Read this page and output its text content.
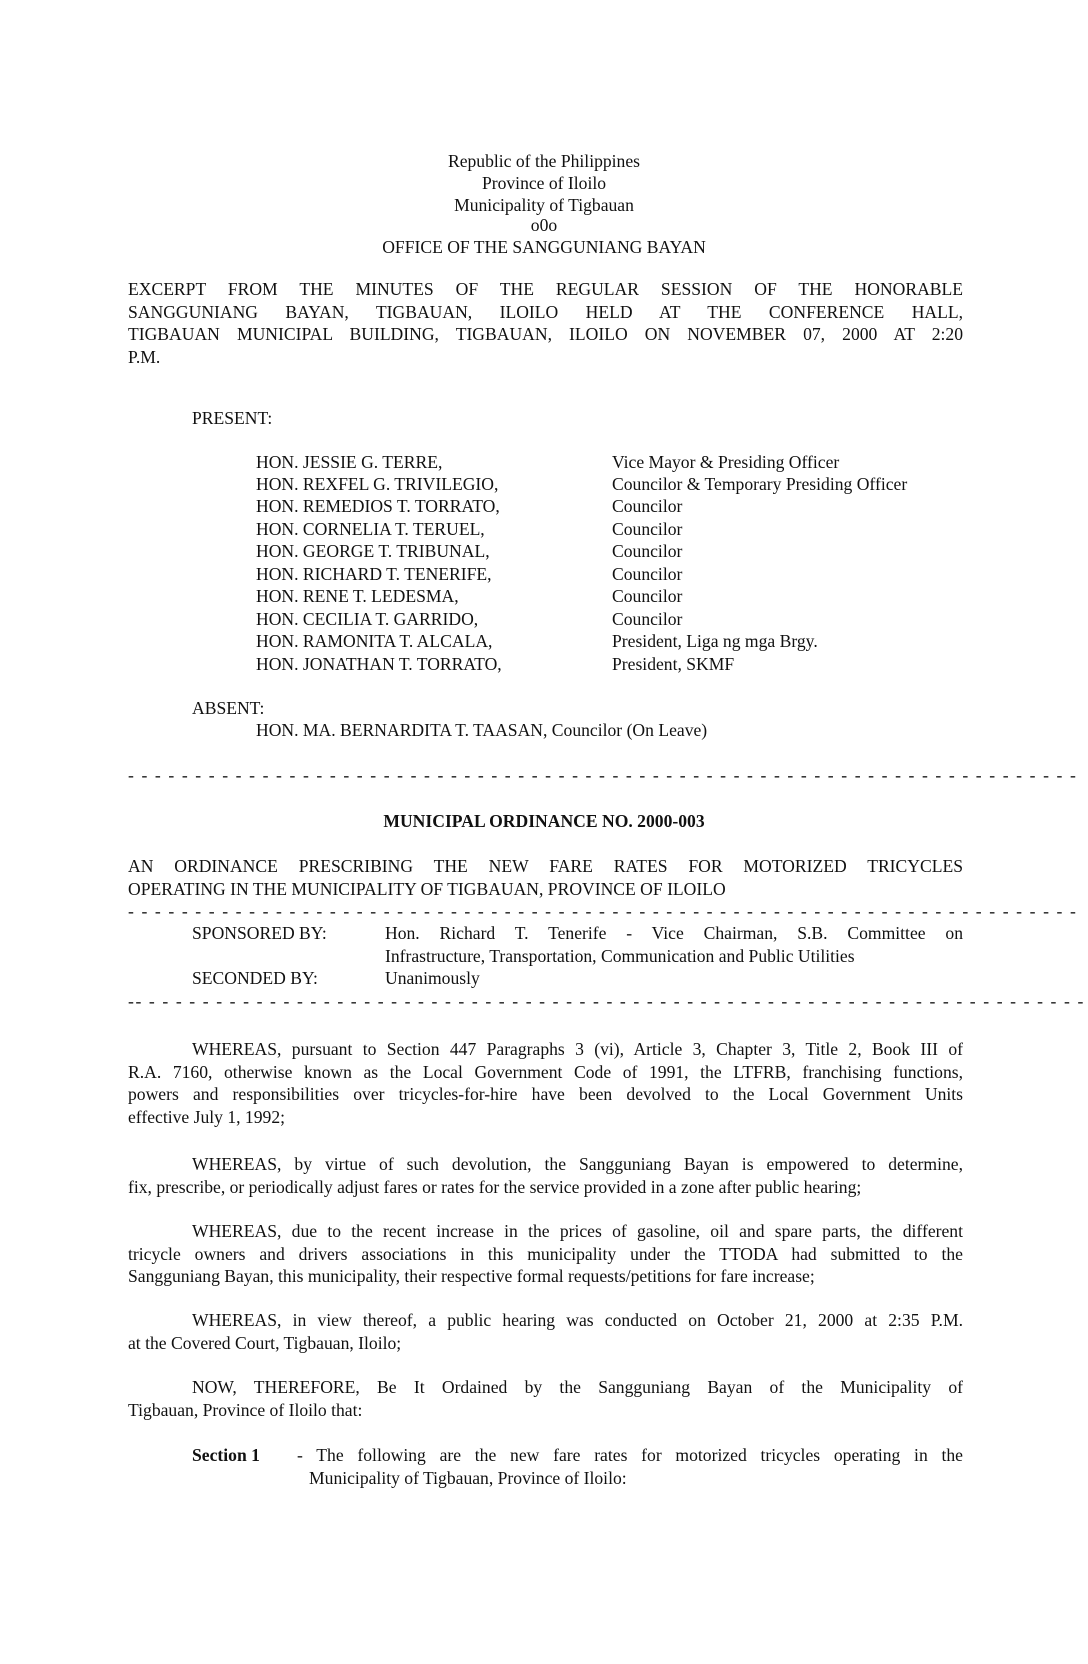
Republic of the Philippines
Province of Iloilo
Municipality of Tigbauan
o0o
OFFICE OF THE SANGGUNIANG BAYAN
EXCERPT FROM THE MINUTES OF THE REGULAR SESSION OF THE HONORABLE
SANGGUNIANG BAYAN, TIGBAUAN, ILOILO HELD AT THE CONFERENCE HALL,
TIGBAUAN MUNICIPAL BUILDING, TIGBAUAN, ILOILO ON NOVEMBER 07, 2000 AT 2:20
P.M.
PRESENT:
HON. JESSIE G. TERRE,	Vice Mayor & Presiding Officer
HON. REXFEL G. TRIVILEGIO,	Councilor & Temporary Presiding Officer
HON. REMEDIOS T. TORRATO,	Councilor
HON. CORNELIA T. TERUEL,	Councilor
HON. GEORGE T. TRIBUNAL,	Councilor
HON. RICHARD T. TENERIFE,	Councilor
HON. RENE T. LEDESMA,	Councilor
HON. CECILIA T. GARRIDO,	Councilor
HON. RAMONITA T. ALCALA,	President, Liga ng mga Brgy.
HON. JONATHAN T. TORRATO,	President, SKMF
ABSENT:
HON. MA. BERNARDITA T. TAASAN, Councilor (On Leave)
- - - - - - - - - - - - - - - - - - - - - - - - - - - - - - - - - - - - - - - - - - - - - - - - - - - - - - - - - - - - - - - - - - - - - - -
MUNICIPAL ORDINANCE NO. 2000-003
AN ORDINANCE PRESCRIBING THE NEW FARE RATES FOR MOTORIZED TRICYCLES
OPERATING IN THE MUNICIPALITY OF TIGBAUAN, PROVINCE OF ILOILO
- - - - - - - - - - - - - - - - - - - - - - - - - - - - - - - - - - - - - - - - - - - - - - - - - - - - - - - - - - - - - - - - - - - - - - -
SPONSORED BY:	Hon. Richard T. Tenerife - Vice Chairman, S.B. Committee on
Infrastructure, Transportation, Communication and Public Utilities
SECONDED BY:	Unanimously
-- - - - - - - - - - - - - - - - - - - - - - - - - - - - - - - - - - - - - - - - - - - - - - - - - - - - - - - - - - - - - - - - - - - - - - -
WHEREAS, pursuant to Section 447 Paragraphs 3 (vi), Article 3, Chapter 3, Title 2, Book III of
R.A. 7160, otherwise known as the Local Government Code of 1991, the LTFRB, franchising functions,
powers and responsibilities over tricycles-for-hire have been devolved to the Local Government Units
effective July 1, 1992;
WHEREAS, by virtue of such devolution, the Sangguniang Bayan is empowered to determine,
fix, prescribe, or periodically adjust fares or rates for the service provided in a zone after public hearing;
WHEREAS, due to the recent increase in the prices of gasoline, oil and spare parts, the different
tricycle owners and drivers associations in this municipality under the TTODA had submitted to the
Sangguniang Bayan, this municipality, their respective formal requests/petitions for fare increase;
WHEREAS, in view thereof, a public hearing was conducted on October 21, 2000 at 2:35 P.M.
at the Covered Court, Tigbauan, Iloilo;
NOW, THEREFORE, Be It Ordained by the Sangguniang Bayan of the Municipality of
Tigbauan, Province of Iloilo that:
Section 1 - The following are the new fare rates for motorized tricycles operating in the
Municipality of Tigbauan, Province of Iloilo:
